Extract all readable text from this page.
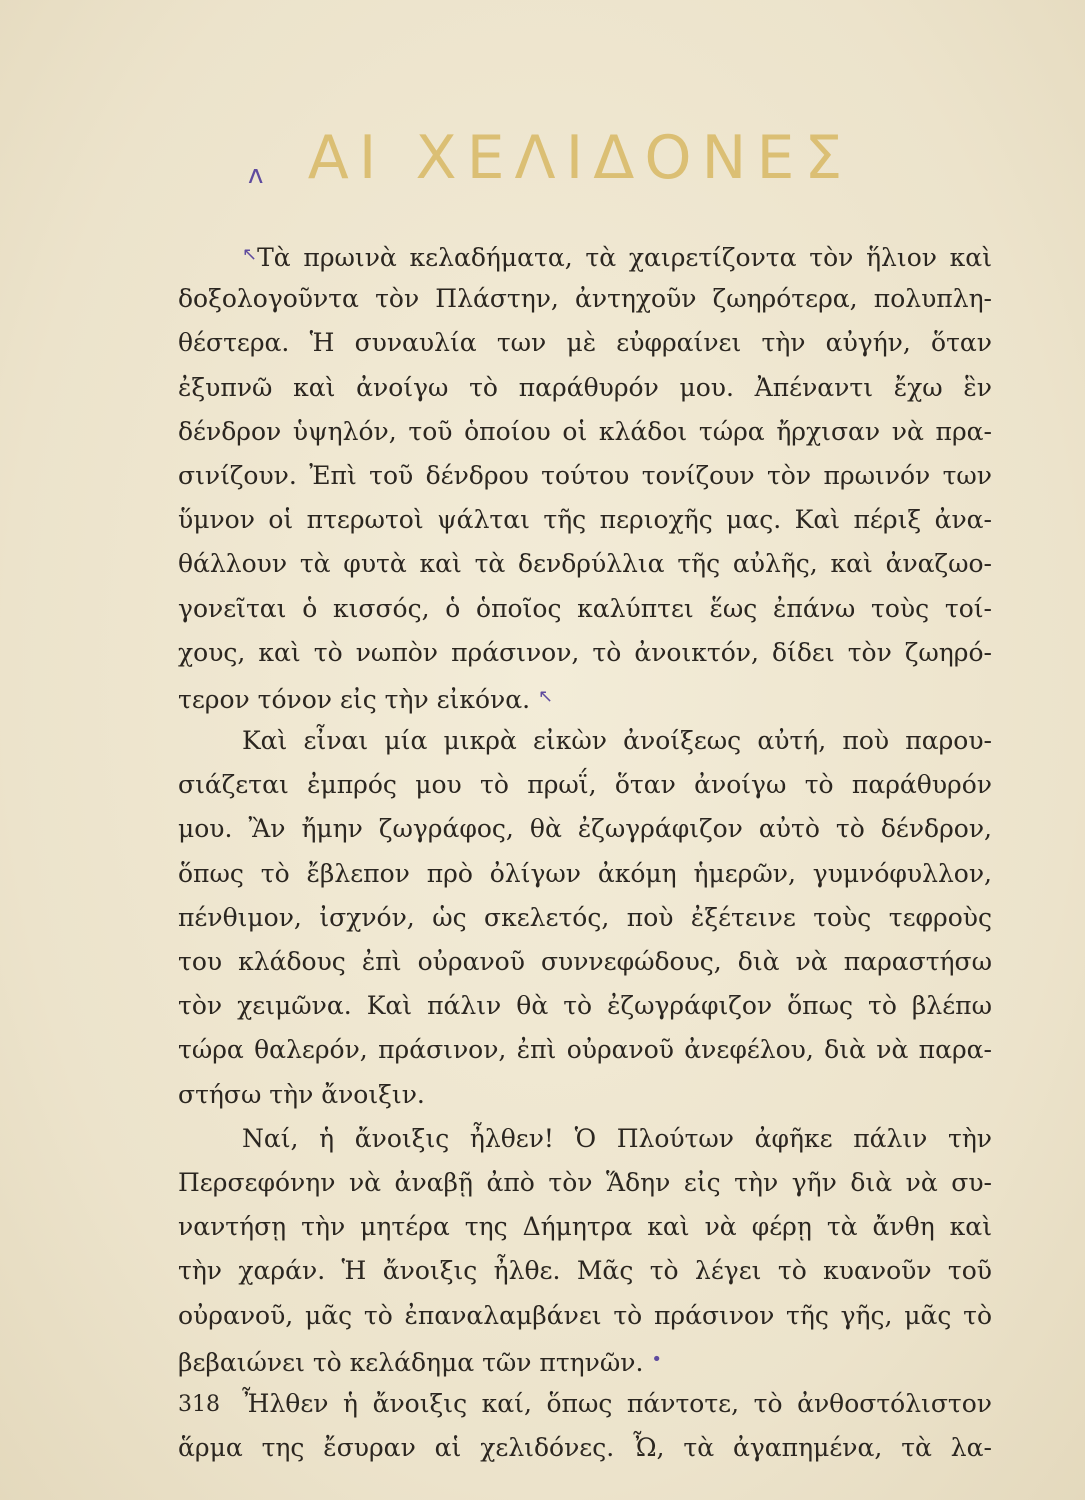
ᴧ ΑΙ ΧΕΛΙΔΟΝΕΣ
↖Τὰ πρωινὰ κελαδήματα, τὰ χαιρετίζοντα τὸν ἥλιον καὶ
δοξολογοῦντα τὸν Πλάστην, ἀντηχοῦν ζωηρότερα, πολυπλη-
θέστερα. Ἡ συναυλία των μὲ εὐφραίνει τὴν αὐγήν, ὅταν
ἐξυπνῶ καὶ ἀνοίγω τὸ παράθυρόν μου. Ἀπέναντι ἔχω ἓν
δένδρον ὑψηλόν, τοῦ ὁποίου οἱ κλάδοι τώρα ἤρχισαν νὰ πρα-
σινίζουν. Ἐπὶ τοῦ δένδρου τούτου τονίζουν τὸν πρωινόν των
ὕμνον οἱ πτερωτοὶ ψάλται τῆς περιοχῆς μας. Καὶ πέριξ ἀνα-
θάλλουν τὰ φυτὰ καὶ τὰ δενδρύλλια τῆς αὐλῆς, καὶ ἀναζωο-
γονεῖται ὁ κισσός, ὁ ὁποῖος καλύπτει ἕως ἐπάνω τοὺς τοί-
χους, καὶ τὸ νωπὸν πράσινον, τὸ ἀνοικτόν, δίδει τὸν ζωηρό-
τερον τόνον εἰς τὴν εἰκόνα. ↖
Καὶ εἶναι μία μικρὰ εἰκὼν ἀνοίξεως αὐτή, ποὺ παρου-
σιάζεται ἐμπρός μου τὸ πρωΐ, ὅταν ἀνοίγω τὸ παράθυρόν
μου. Ἂν ἤμην ζωγράφος, θὰ ἐζωγράφιζον αὐτὸ τὸ δένδρον,
ὅπως τὸ ἔβλεπον πρὸ ὀλίγων ἀκόμη ἡμερῶν, γυμνόφυλλον,
πένθιμον, ἰσχνόν, ὡς σκελετός, ποὺ ἐξέτεινε τοὺς τεφροὺς
του κλάδους ἐπὶ οὐρανοῦ συννεφώδους, διὰ νὰ παραστήσω
τὸν χειμῶνα. Καὶ πάλιν θὰ τὸ ἐζωγράφιζον ὅπως τὸ βλέπω
τώρα θαλερόν, πράσινον, ἐπὶ οὐρανοῦ ἀνεφέλου, διὰ νὰ παρα-
στήσω τὴν ἄνοιξιν.
Ναί, ἡ ἄνοιξις ἦλθεν! Ὁ Πλούτων ἀφῆκε πάλιν τὴν
Περσεφόνην νὰ ἀναβῇ ἀπὸ τὸν Ἅδην εἰς τὴν γῆν διὰ νὰ συ-
ναντήσῃ τὴν μητέρα της Δήμητρα καὶ νὰ φέρῃ τὰ ἄνθη καὶ
τὴν χαράν. Ἡ ἄνοιξις ἦλθε. Μᾶς τὸ λέγει τὸ κυανοῦν τοῦ
οὐρανοῦ, μᾶς τὸ ἐπαναλαμβάνει τὸ πράσινον τῆς γῆς, μᾶς τὸ
βεβαιώνει τὸ κελάδημα τῶν πτηνῶν. •
Ἦλθεν ἡ ἄνοιξις καί, ὅπως πάντοτε, τὸ ἀνθοστόλιστον
ἅρμα της ἔσυραν αἱ χελιδόνες. Ὦ, τὰ ἀγαπημένα, τὰ λα-
318
